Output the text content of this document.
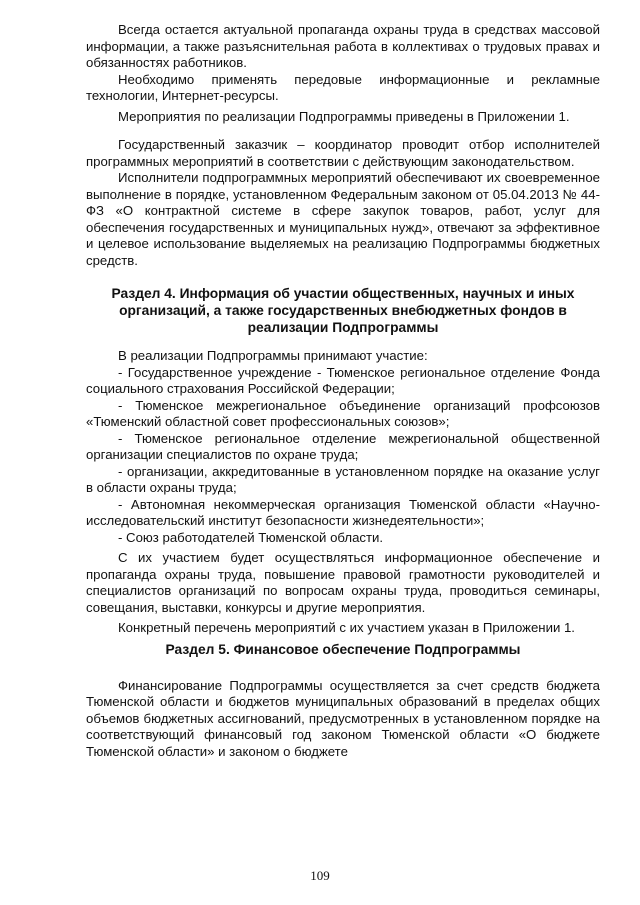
Всегда остается актуальной пропаганда охраны труда в средствах массовой информации, а также разъяснительная работа в коллективах о трудовых правах и обязанностях работников.

Необходимо применять передовые информационные и рекламные технологии, Интернет-ресурсы.

Мероприятия по реализации Подпрограммы приведены в Приложении 1.

Государственный заказчик – координатор проводит отбор исполнителей программных мероприятий в соответствии с действующим законодательством.

Исполнители подпрограммных мероприятий обеспечивают их своевременное выполнение в порядке, установленном Федеральным законом от 05.04.2013 № 44-ФЗ «О контрактной системе в сфере закупок товаров, работ, услуг для обеспечения государственных и муниципальных нужд», отвечают за эффективное и целевое использование выделяемых на реализацию Подпрограммы бюджетных средств.

Раздел 4. Информация об участии общественных, научных и иных организаций, а также государственных внебюджетных фондов в реализации Подпрограммы

В реализации Подпрограммы принимают участие:

- Государственное учреждение - Тюменское региональное отделение Фонда социального страхования Российской Федерации;

- Тюменское межрегиональное объединение организаций профсоюзов «Тюменский областной совет профессиональных союзов»;

- Тюменское региональное отделение межрегиональной общественной организации специалистов по охране труда;

- организации, аккредитованные в установленном порядке на оказание услуг в области охраны труда;

- Автономная некоммерческая организация Тюменской области «Научно-исследовательский институт безопасности жизнедеятельности»;

- Союз работодателей Тюменской области.

С их участием будет осуществляться информационное обеспечение и пропаганда охраны труда, повышение правовой грамотности руководителей и специалистов организаций по вопросам охраны труда, проводиться семинары, совещания, выставки, конкурсы и другие мероприятия.

Конкретный перечень мероприятий с их участием указан в Приложении 1.

Раздел 5. Финансовое обеспечение Подпрограммы

Финансирование Подпрограммы осуществляется за счет средств бюджета Тюменской области и бюджетов муниципальных образований в пределах общих объемов бюджетных ассигнований, предусмотренных в установленном порядке на соответствующий финансовый год законом Тюменской области «О бюджете Тюменской области» и законом о бюджете

109
